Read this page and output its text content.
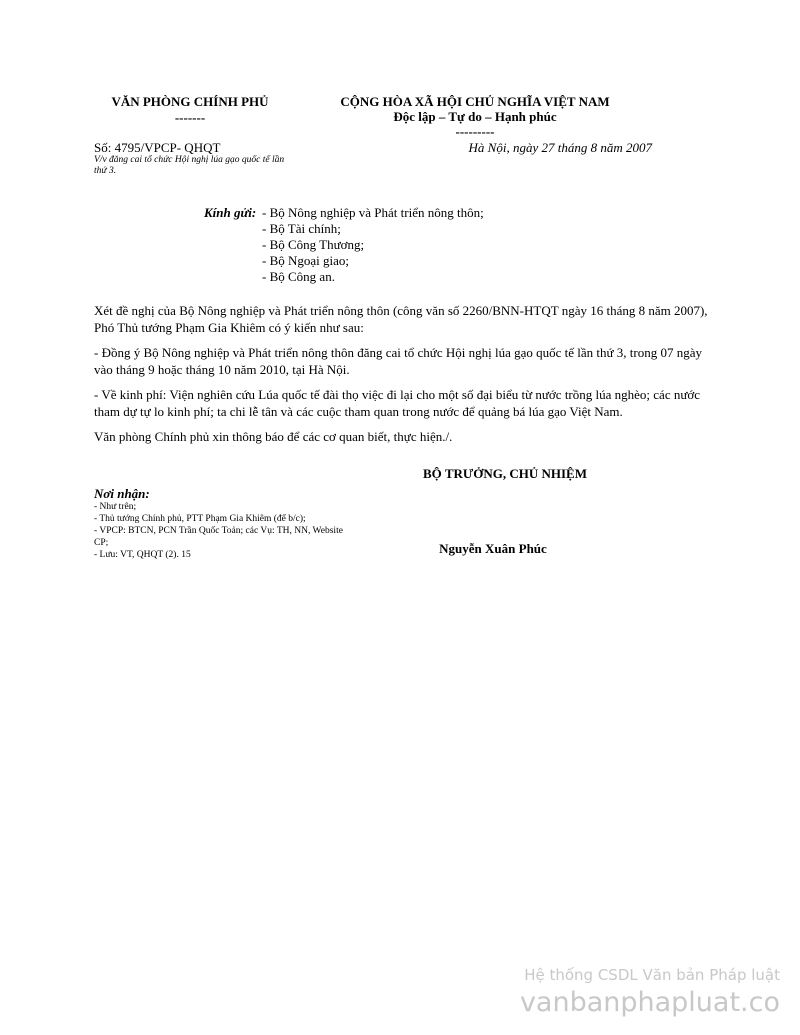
VĂN PHÒNG CHÍNH PHỦ
-------
CỘNG HÒA XÃ HỘI CHỦ NGHĨA VIỆT NAM
Độc lập – Tự do – Hạnh phúc
---------
Số: 4795/VPCP- QHQT
V/v đăng cai tổ chức Hội nghị lúa gạo quốc tế lần thứ 3.
Hà Nội, ngày 27 tháng 8 năm 2007
Kính gửi: - Bộ Nông nghiệp và Phát triển nông thôn;
- Bộ Tài chính;
- Bộ Công Thương;
- Bộ Ngoại giao;
- Bộ Công an.

Xét đề nghị của Bộ Nông nghiệp và Phát triển nông thôn (công văn số 2260/BNN-HTQT ngày 16 tháng 8 năm 2007), Phó Thủ tướng Phạm Gia Khiêm có ý kiến như sau:

- Đồng ý Bộ Nông nghiệp và Phát triển nông thôn đăng cai tổ chức Hội nghị lúa gạo quốc tế lần thứ 3, trong 07 ngày vào tháng 9 hoặc tháng 10 năm 2010, tại Hà Nội.

- Về kinh phí: Viện nghiên cứu Lúa quốc tế đài thọ việc đi lại cho một số đại biểu từ nước trồng lúa nghèo; các nước tham dự tự lo kinh phí; ta chi lễ tân và các cuộc tham quan trong nước để quảng bá lúa gạo Việt Nam.

Văn phòng Chính phủ xin thông báo để các cơ quan biết, thực hiện./.

BỘ TRƯỞNG, CHỦ NHIỆM
Nguyễn Xuân Phúc
Nơi nhận:
- Như trên;
- Thủ tướng Chính phủ, PTT Phạm Gia Khiêm (để b/c);
- VPCP: BTCN, PCN Trần Quốc Toản; các Vụ: TH, NN, Website CP;
- Lưu: VT, QHQT (2). 15
Hệ thống CSDL Văn bản Pháp luật
vanbanphapluat.co
